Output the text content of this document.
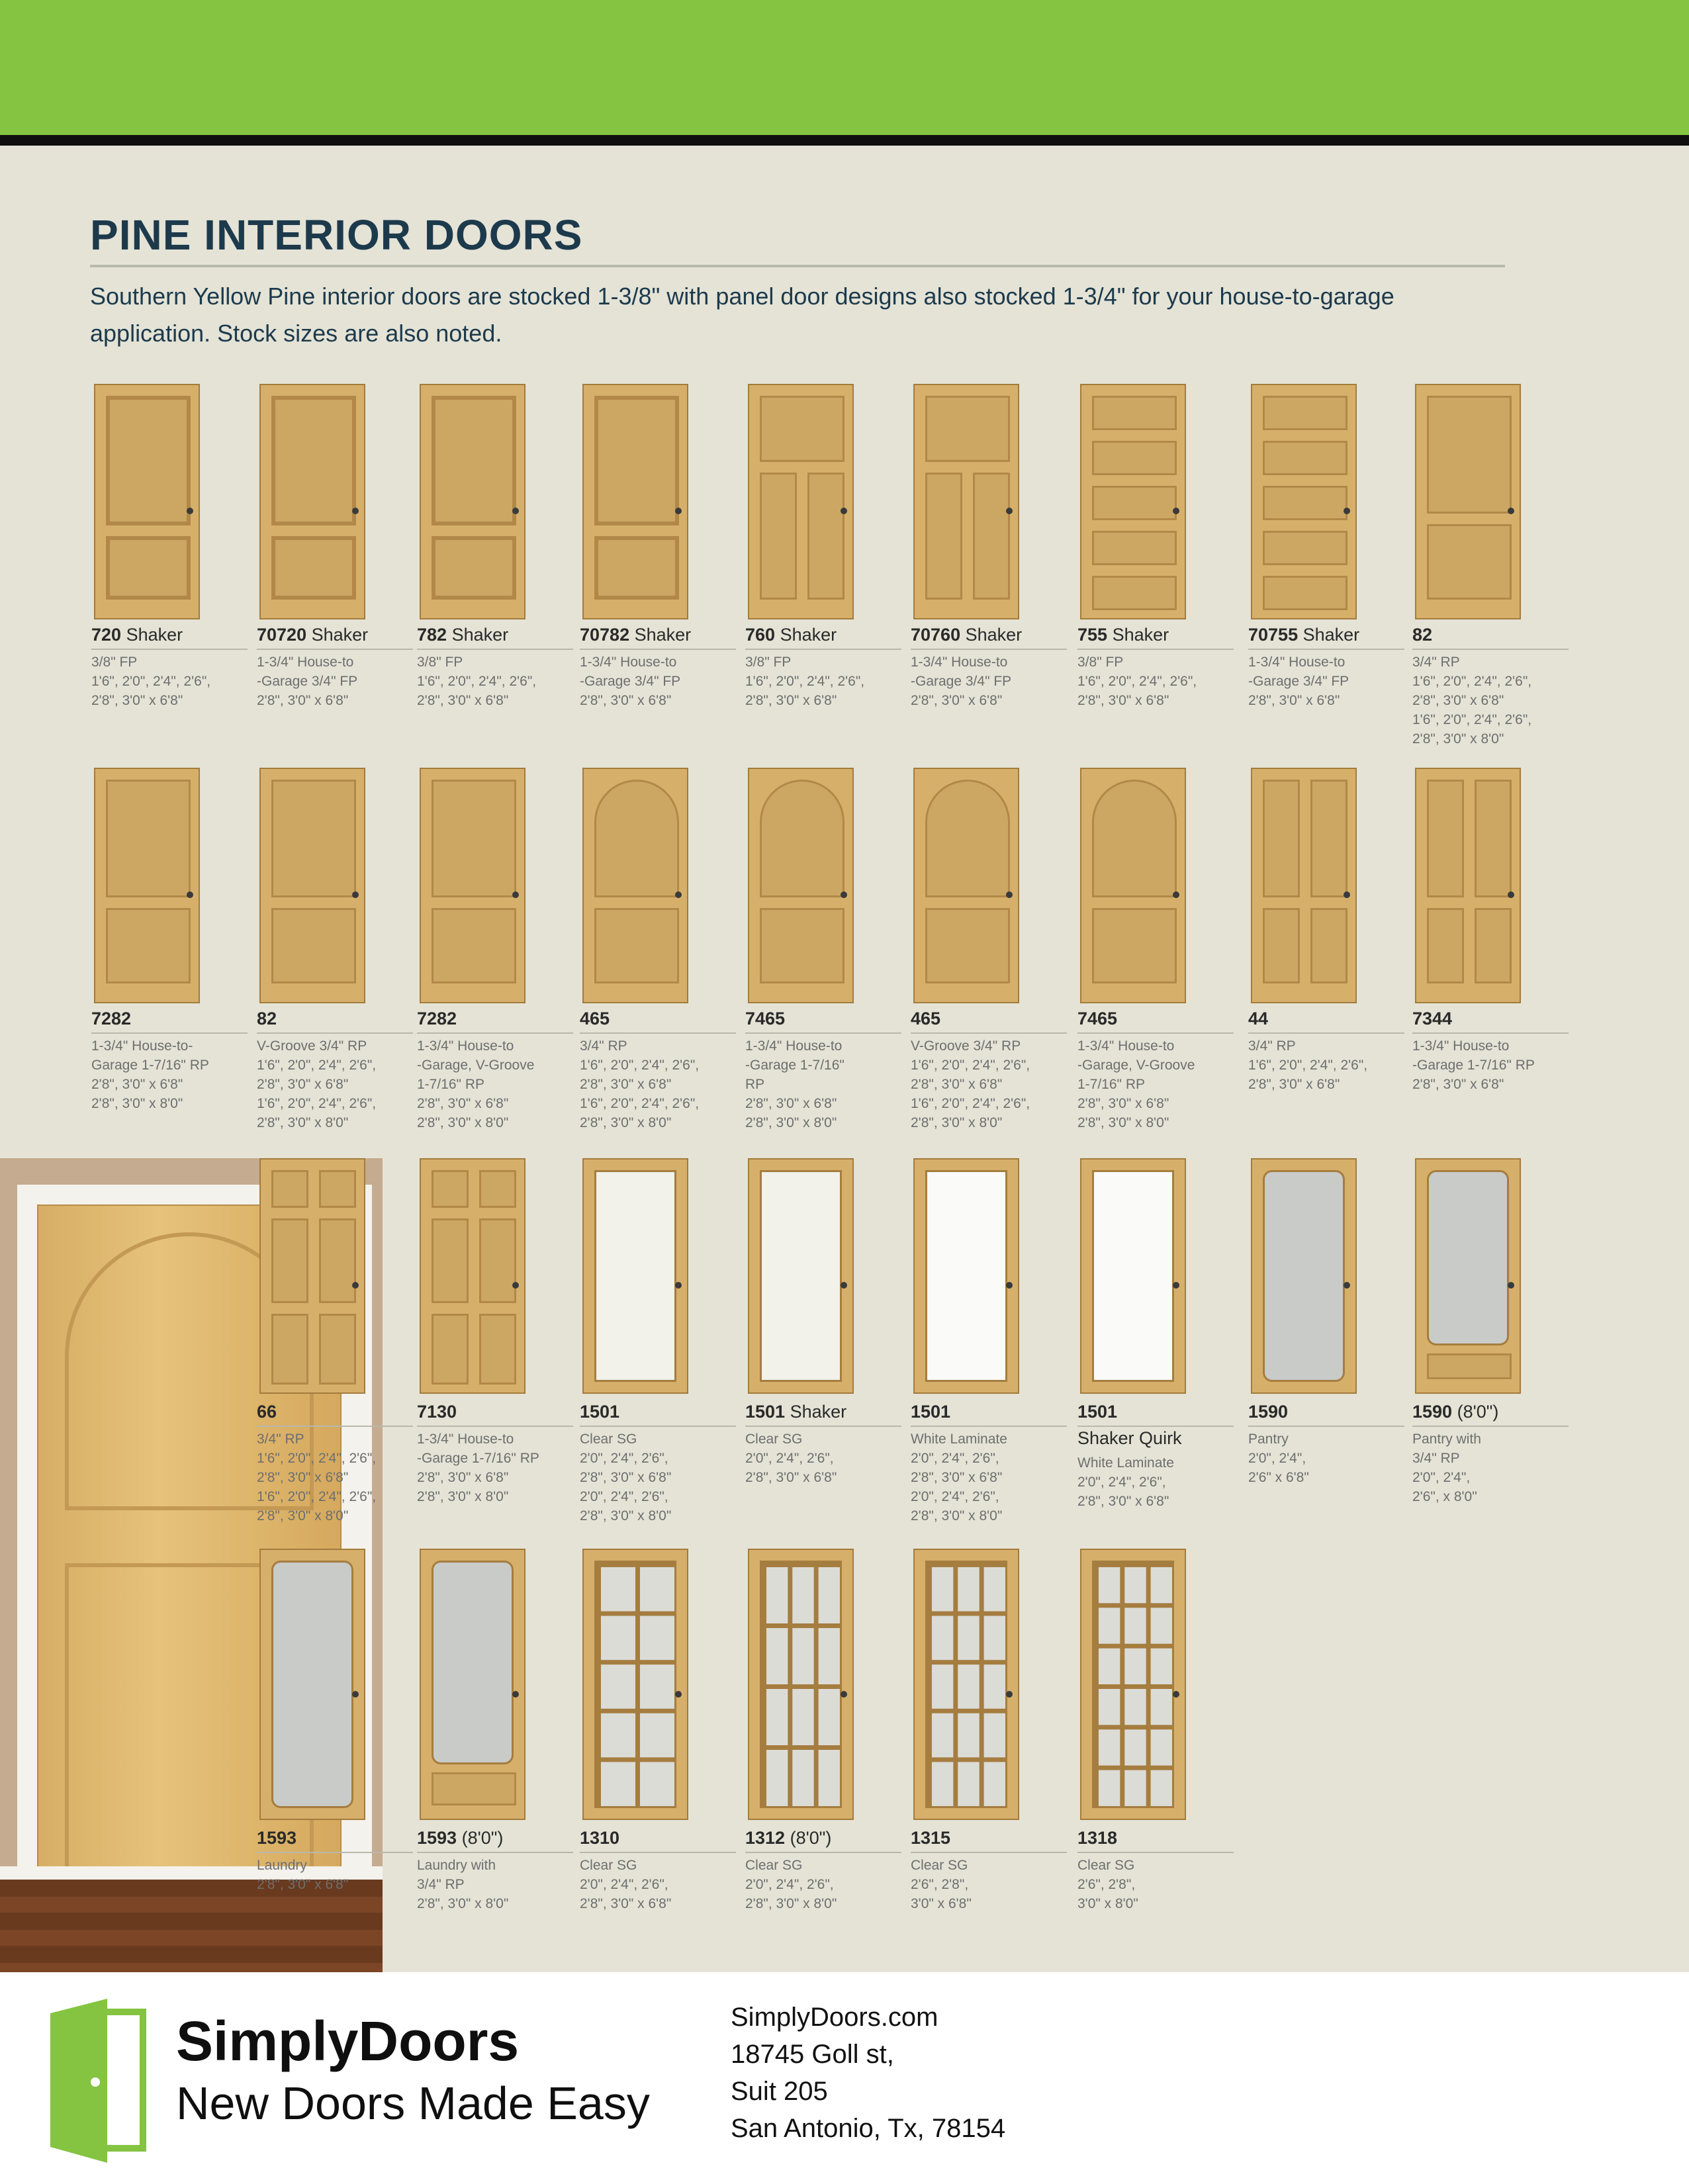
PINE INTERIOR DOORS

Southern Yellow Pine interior doors are stocked 1-3/8" with panel door designs also stocked 1-3/4" for your house-to-garage application. Stock sizes are also noted.

720 Shaker

3/8" FP
1'6", 2'0", 2'4", 2'6",
2'8", 3'0" x 6'8"

70720 Shaker

1-3/4" House-to
-Garage 3/4" FP
2'8", 3'0" x 6'8"

782 Shaker

3/8" FP
1'6", 2'0", 2'4", 2'6",
2'8", 3'0" x 6'8"

70782 Shaker

1-3/4" House-to
-Garage 3/4" FP
2'8", 3'0" x 6'8"

760 Shaker

3/8" FP
1'6", 2'0", 2'4", 2'6",
2'8", 3'0" x 6'8"

70760 Shaker

1-3/4" House-to
-Garage 3/4" FP
2'8", 3'0" x 6'8"

755 Shaker

3/8" FP
1'6", 2'0", 2'4", 2'6",
2'8", 3'0" x 6'8"

70755 Shaker

1-3/4" House-to
-Garage 3/4" FP
2'8", 3'0" x 6'8"

82

3/4" RP
1'6", 2'0", 2'4", 2'6",
2'8", 3'0" x 6'8"
1'6", 2'0", 2'4", 2'6",
2'8", 3'0" x 8'0"

7282

1-3/4" House-to-
Garage 1-7/16" RP
2'8", 3'0" x 6'8"
2'8", 3'0" x 8'0"

82

V-Groove 3/4" RP
1'6", 2'0", 2'4", 2'6",
2'8", 3'0" x 6'8"
1'6", 2'0", 2'4", 2'6",
2'8", 3'0" x 8'0"

7282

1-3/4" House-to
-Garage, V-Groove
1-7/16" RP
2'8", 3'0" x 6'8"
2'8", 3'0" x 8'0"

465

3/4" RP
1'6", 2'0", 2'4", 2'6",
2'8", 3'0" x 6'8"
1'6", 2'0", 2'4", 2'6",
2'8", 3'0" x 8'0"

7465

1-3/4" House-to
-Garage 1-7/16"
RP
2'8", 3'0" x 6'8"
2'8", 3'0" x 8'0"

465

V-Groove 3/4" RP
1'6", 2'0", 2'4", 2'6",
2'8", 3'0" x 6'8"
1'6", 2'0", 2'4", 2'6",
2'8", 3'0" x 8'0"

7465

1-3/4" House-to
-Garage, V-Groove
1-7/16" RP
2'8", 3'0" x 6'8"
2'8", 3'0" x 8'0"

44

3/4" RP
1'6", 2'0", 2'4", 2'6",
2'8", 3'0" x 6'8"

7344

1-3/4" House-to
-Garage 1-7/16" RP
2'8", 3'0" x 6'8"

66

3/4" RP
1'6", 2'0", 2'4", 2'6",
2'8", 3'0" x 6'8"
1'6", 2'0", 2'4", 2'6",
2'8", 3'0" x 8'0"

7130

1-3/4" House-to
-Garage 1-7/16" RP
2'8", 3'0" x 6'8"
2'8", 3'0" x 8'0"

1501

Clear SG
2'0", 2'4", 2'6",
2'8", 3'0" x 6'8"
2'0", 2'4", 2'6",
2'8", 3'0" x 8'0"

1501 Shaker

Clear SG
2'0", 2'4", 2'6",
2'8", 3'0" x 6'8"

1501

White Laminate
2'0", 2'4", 2'6",
2'8", 3'0" x 6'8"
2'0", 2'4", 2'6",
2'8", 3'0" x 8'0"

1501
Shaker Quirk

White Laminate
2'0", 2'4", 2'6",
2'8", 3'0" x 6'8"

1590

Pantry
2'0", 2'4",
2'6" x 6'8"

1590 (8'0")

Pantry with
3/4" RP
2'0", 2'4",
2'6", x 8'0"

1593

Laundry
2'8", 3'0" x 6'8"

1593 (8'0")

Laundry with
3/4" RP
2'8", 3'0" x 8'0"

1310

Clear SG
2'0", 2'4", 2'6",
2'8", 3'0" x 6'8"

1312 (8'0")

Clear SG
2'0", 2'4", 2'6",
2'8", 3'0" x 8'0"

1315

Clear SG
2'6", 2'8",
3'0" x 6'8"

1318

Clear SG
2'6", 2'8",
3'0" x 8'0"

SimplyDoors

New Doors Made Easy

SimplyDoors.com

18745 Goll st,

Suit 205

San Antonio, Tx, 78154
